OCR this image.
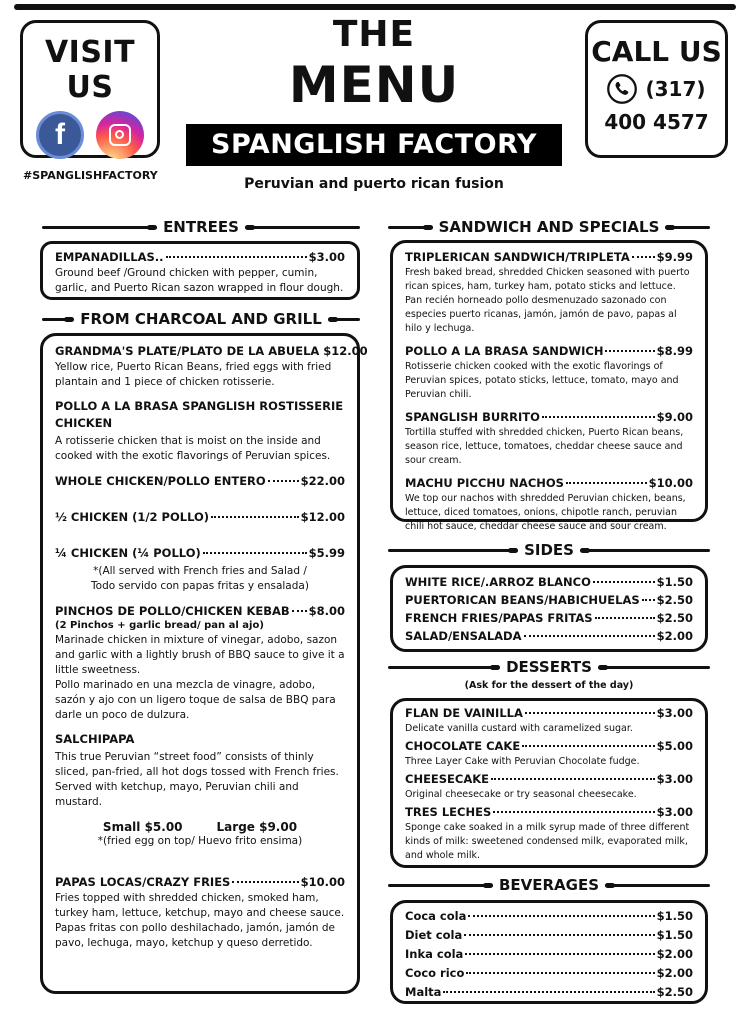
VISIT US
f
#SPANGLISHFACTORY
CALL US
(317)
400 4577
THE
MENU
SPANGLISH FACTORY
Peruvian and puerto rican fusion
ENTREES
EMPANADILLAS..	$3.00
Ground beef /Ground chicken with pepper, cumin, garlic, and Puerto Rican sazon wrapped in flour dough.
FROM CHARCOAL AND GRILL
GRANDMA'S PLATE/PLATO DE LA ABUELA $12.00
Yellow rice, Puerto Rican Beans, fried eggs with fried plantain and 1 piece of chicken rotisserie.
POLLO A LA BRASA SPANGLISH ROSTISSERIE CHICKEN
A rotisserie chicken that is moist on the inside and cooked with the exotic flavorings of Peruvian spices.
WHOLE CHICKEN/POLLO ENTERO	$22.00
½ CHICKEN (1/2 POLLO)	$12.00
¼ CHICKEN (¼ POLLO)	$5.99
*(All served with French fries and Salad /
Todo servido con papas fritas y ensalada)
PINCHOS DE POLLO/CHICKEN KEBAB $8.00
(2 Pinchos + garlic bread/ pan al ajo)
Marinade chicken in mixture of vinegar, adobo, sazon and garlic with a lightly brush of BBQ sauce to give it a little sweetness.
Pollo marinado en una mezcla de vinagre, adobo, sazón y ajo con un ligero toque de salsa de BBQ para darle un poco de dulzura.
SALCHIPAPA
This true Peruvian “street food” consists of thinly sliced, pan-fried, all hot dogs tossed with French fries. Served with ketchup, mayo, Peruvian chili and mustard.
Small $5.00	Large $9.00
*(fried egg on top/ Huevo frito ensima)
PAPAS LOCAS/CRAZY FRIES	$10.00
Fries topped with shredded chicken, smoked ham, turkey ham, lettuce, ketchup, mayo and cheese sauce.
Papas fritas con pollo deshilachado, jamón, jamón de pavo, lechuga, mayo, ketchup y queso derretido.
SANDWICH AND SPECIALS
TRIPLERICAN SANDWICH/TRIPLETA $9.99
Fresh baked bread, shredded Chicken seasoned with puerto rican spices, ham, turkey ham, potato sticks and lettuce.
Pan recién horneado pollo desmenuzado sazonado con especies puerto ricanas, jamón, jamón de pavo, papas al hilo y lechuga.
POLLO A LA BRASA SANDWICH	$8.99
Rotisserie chicken cooked with the exotic flavorings of Peruvian spices, potato sticks, lettuce, tomato, mayo and Peruvian chili.
SPANGLISH BURRITO	$9.00
Tortilla stuffed with shredded chicken, Puerto Rican beans, season rice, lettuce, tomatoes, cheddar cheese sauce and sour cream.
MACHU PICCHU NACHOS	$10.00
We top our nachos with shredded Peruvian chicken, beans, lettuce, diced tomatoes, onions, chipotle ranch, peruvian chili hot sauce, cheddar cheese sauce and sour cream.
SIDES
WHITE RICE/.ARROZ BLANCO	$1.50
PUERTORICAN BEANS/HABICHUELAS $2.50
FRENCH FRIES/PAPAS FRITAS	$2.50
SALAD/ENSALADA	$2.00
DESSERTS
(Ask for the dessert of the day)
FLAN DE VAINILLA	$3.00
Delicate vanilla custard with caramelized sugar.
CHOCOLATE CAKE	$5.00
Three Layer Cake with Peruvian Chocolate fudge.
CHEESECAKE	$3.00
Original cheesecake or try seasonal cheesecake.
TRES LECHES	$3.00
Sponge cake soaked in a milk syrup made of three different kinds of milk: sweetened condensed milk, evaporated milk, and whole milk.
BEVERAGES
Coca cola	$1.50
Diet cola	$1.50
Inka cola	$2.00
Coco rico	$2.00
Malta	$2.50
